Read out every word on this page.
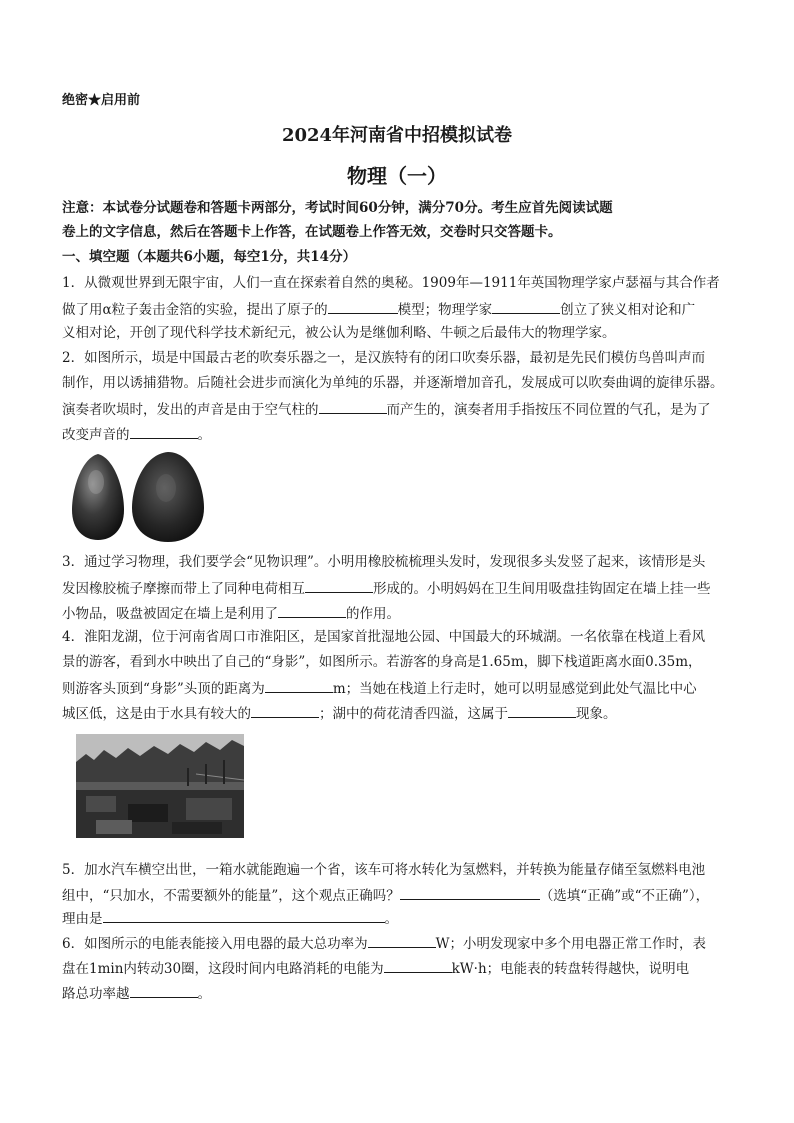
绝密★启用前
2024年河南省中招模拟试卷
物理（一）
注意：本试卷分试题卷和答题卡两部分，考试时间60分钟，满分70分。考生应首先阅读试题
卷上的文字信息，然后在答题卡上作答，在试题卷上作答无效，交卷时只交答题卡。
一、填空题（本题共6小题，每空1分，共14分）
1．从微观世界到无限宇宙，人们一直在探索着自然的奥秘。1909年—1911年英国物理学家卢瑟福与其合作者
做了用α粒子轰击金箔的实验，提出了原子的	模型；物理学家	创立了狭义相对论和广
义相对论，开创了现代科学技术新纪元，被公认为是继伽利略、牛顿之后最伟大的物理学家。
2．如图所示，埙是中国最古老的吹奏乐器之一，是汉族特有的闭口吹奏乐器，最初是先民们模仿鸟兽叫声而
制作，用以诱捕猎物。后随社会进步而演化为单纯的乐器，并逐渐增加音孔，发展成可以吹奏曲调的旋律乐器。
演奏者吹埙时，发出的声音是由于空气柱的	而产生的，演奏者用手指按压不同位置的气孔，是为了
改变声音的	。
3．通过学习物理，我们要学会“见物识理”。小明用橡胶梳梳理头发时，发现很多头发竖了起来，该情形是头
发因橡胶梳子摩擦而带上了同种电荷相互	形成的。小明妈妈在卫生间用吸盘挂钩固定在墙上挂一些
小物品，吸盘被固定在墙上是利用了	的作用。
4．淮阳龙湖，位于河南省周口市淮阳区，是国家首批湿地公园、中国最大的环城湖。一名依靠在栈道上看风
景的游客，看到水中映出了自己的“身影”，如图所示。若游客的身高是1.65m，脚下栈道距离水面0.35m，
则游客头顶到“身影”头顶的距离为	m；当她在栈道上行走时，她可以明显感觉到此处气温比中心
城区低，这是由于水具有较大的	；湖中的荷花清香四溢，这属于	现象。
5．加水汽车横空出世，一箱水就能跑遍一个省，该车可将水转化为氢燃料，并转换为能量存储至氢燃料电池
组中，“只加水，不需要额外的能量”，这个观点正确吗？	（选填“正确”或“不正确”），
理由是	。
6．如图所示的电能表能接入用电器的最大总功率为	W；小明发现家中多个用电器正常工作时，表
盘在1min内转动30圈，这段时间内电路消耗的电能为	kW·h；电能表的转盘转得越快，说明电
路总功率越	。
